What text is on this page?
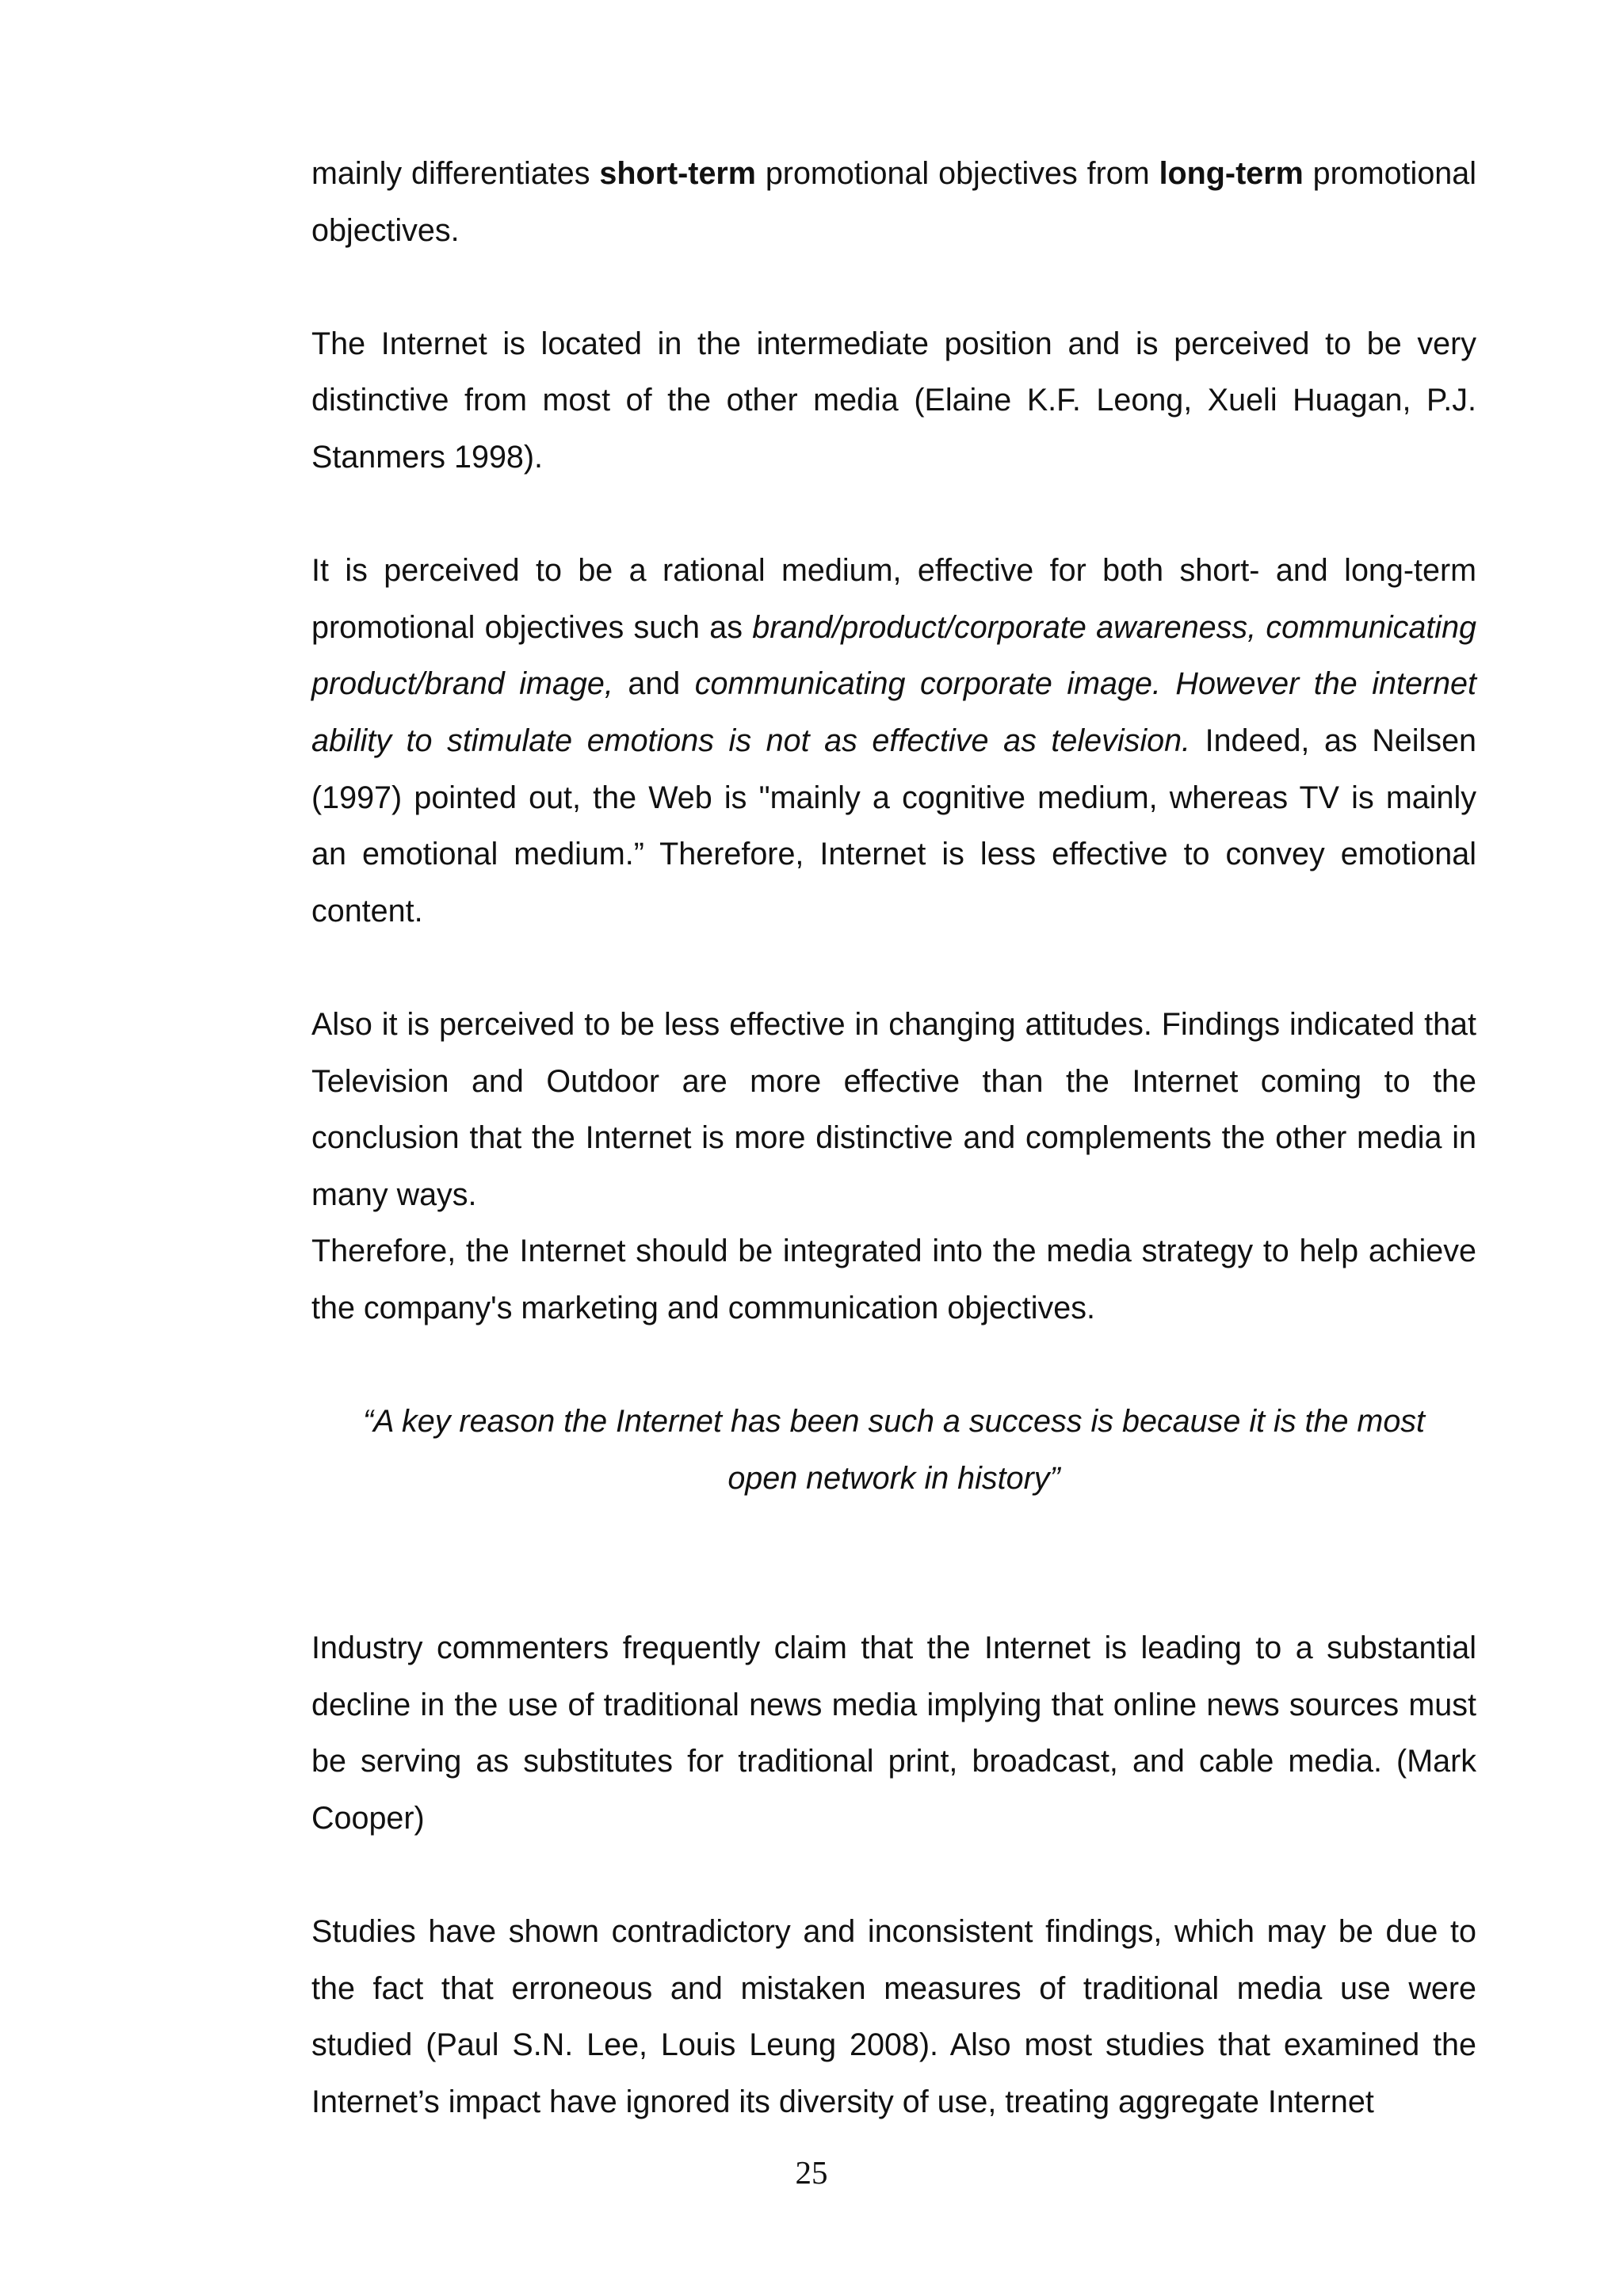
mainly differentiates short-term promotional objectives from long-term promotional objectives.

The Internet is located in the intermediate position and is perceived to be very distinctive from most of the other media (Elaine K.F. Leong, Xueli Huagan, P.J. Stanmers 1998).

It is perceived to be a rational medium, effective for both short- and long-term promotional objectives such as brand/product/corporate awareness, communicating product/brand image, and communicating corporate image. However the internet ability to stimulate emotions is not as effective as television. Indeed, as Neilsen (1997) pointed out, the Web is "mainly a cognitive medium, whereas TV is mainly an emotional medium.” Therefore, Internet is less effective to convey emotional content.

Also it is perceived to be less effective in changing attitudes. Findings indicated that Television and Outdoor are more effective than the Internet coming to the conclusion that the Internet is more distinctive and complements the other media in many ways.

Therefore, the Internet should be integrated into the media strategy to help achieve the company's marketing and communication objectives.

“A key reason the Internet has been such a success is because it is the most open network in history”

Industry commenters frequently claim that the Internet is leading to a substantial decline in the use of traditional news media implying that online news sources must be serving as substitutes for traditional print, broadcast, and cable media. (Mark Cooper)

Studies have shown contradictory and inconsistent findings, which may be due to the fact that erroneous and mistaken measures of traditional media use were studied (Paul S.N. Lee, Louis Leung 2008). Also most studies that examined the Internet’s impact have ignored its diversity of use, treating aggregate Internet

25
